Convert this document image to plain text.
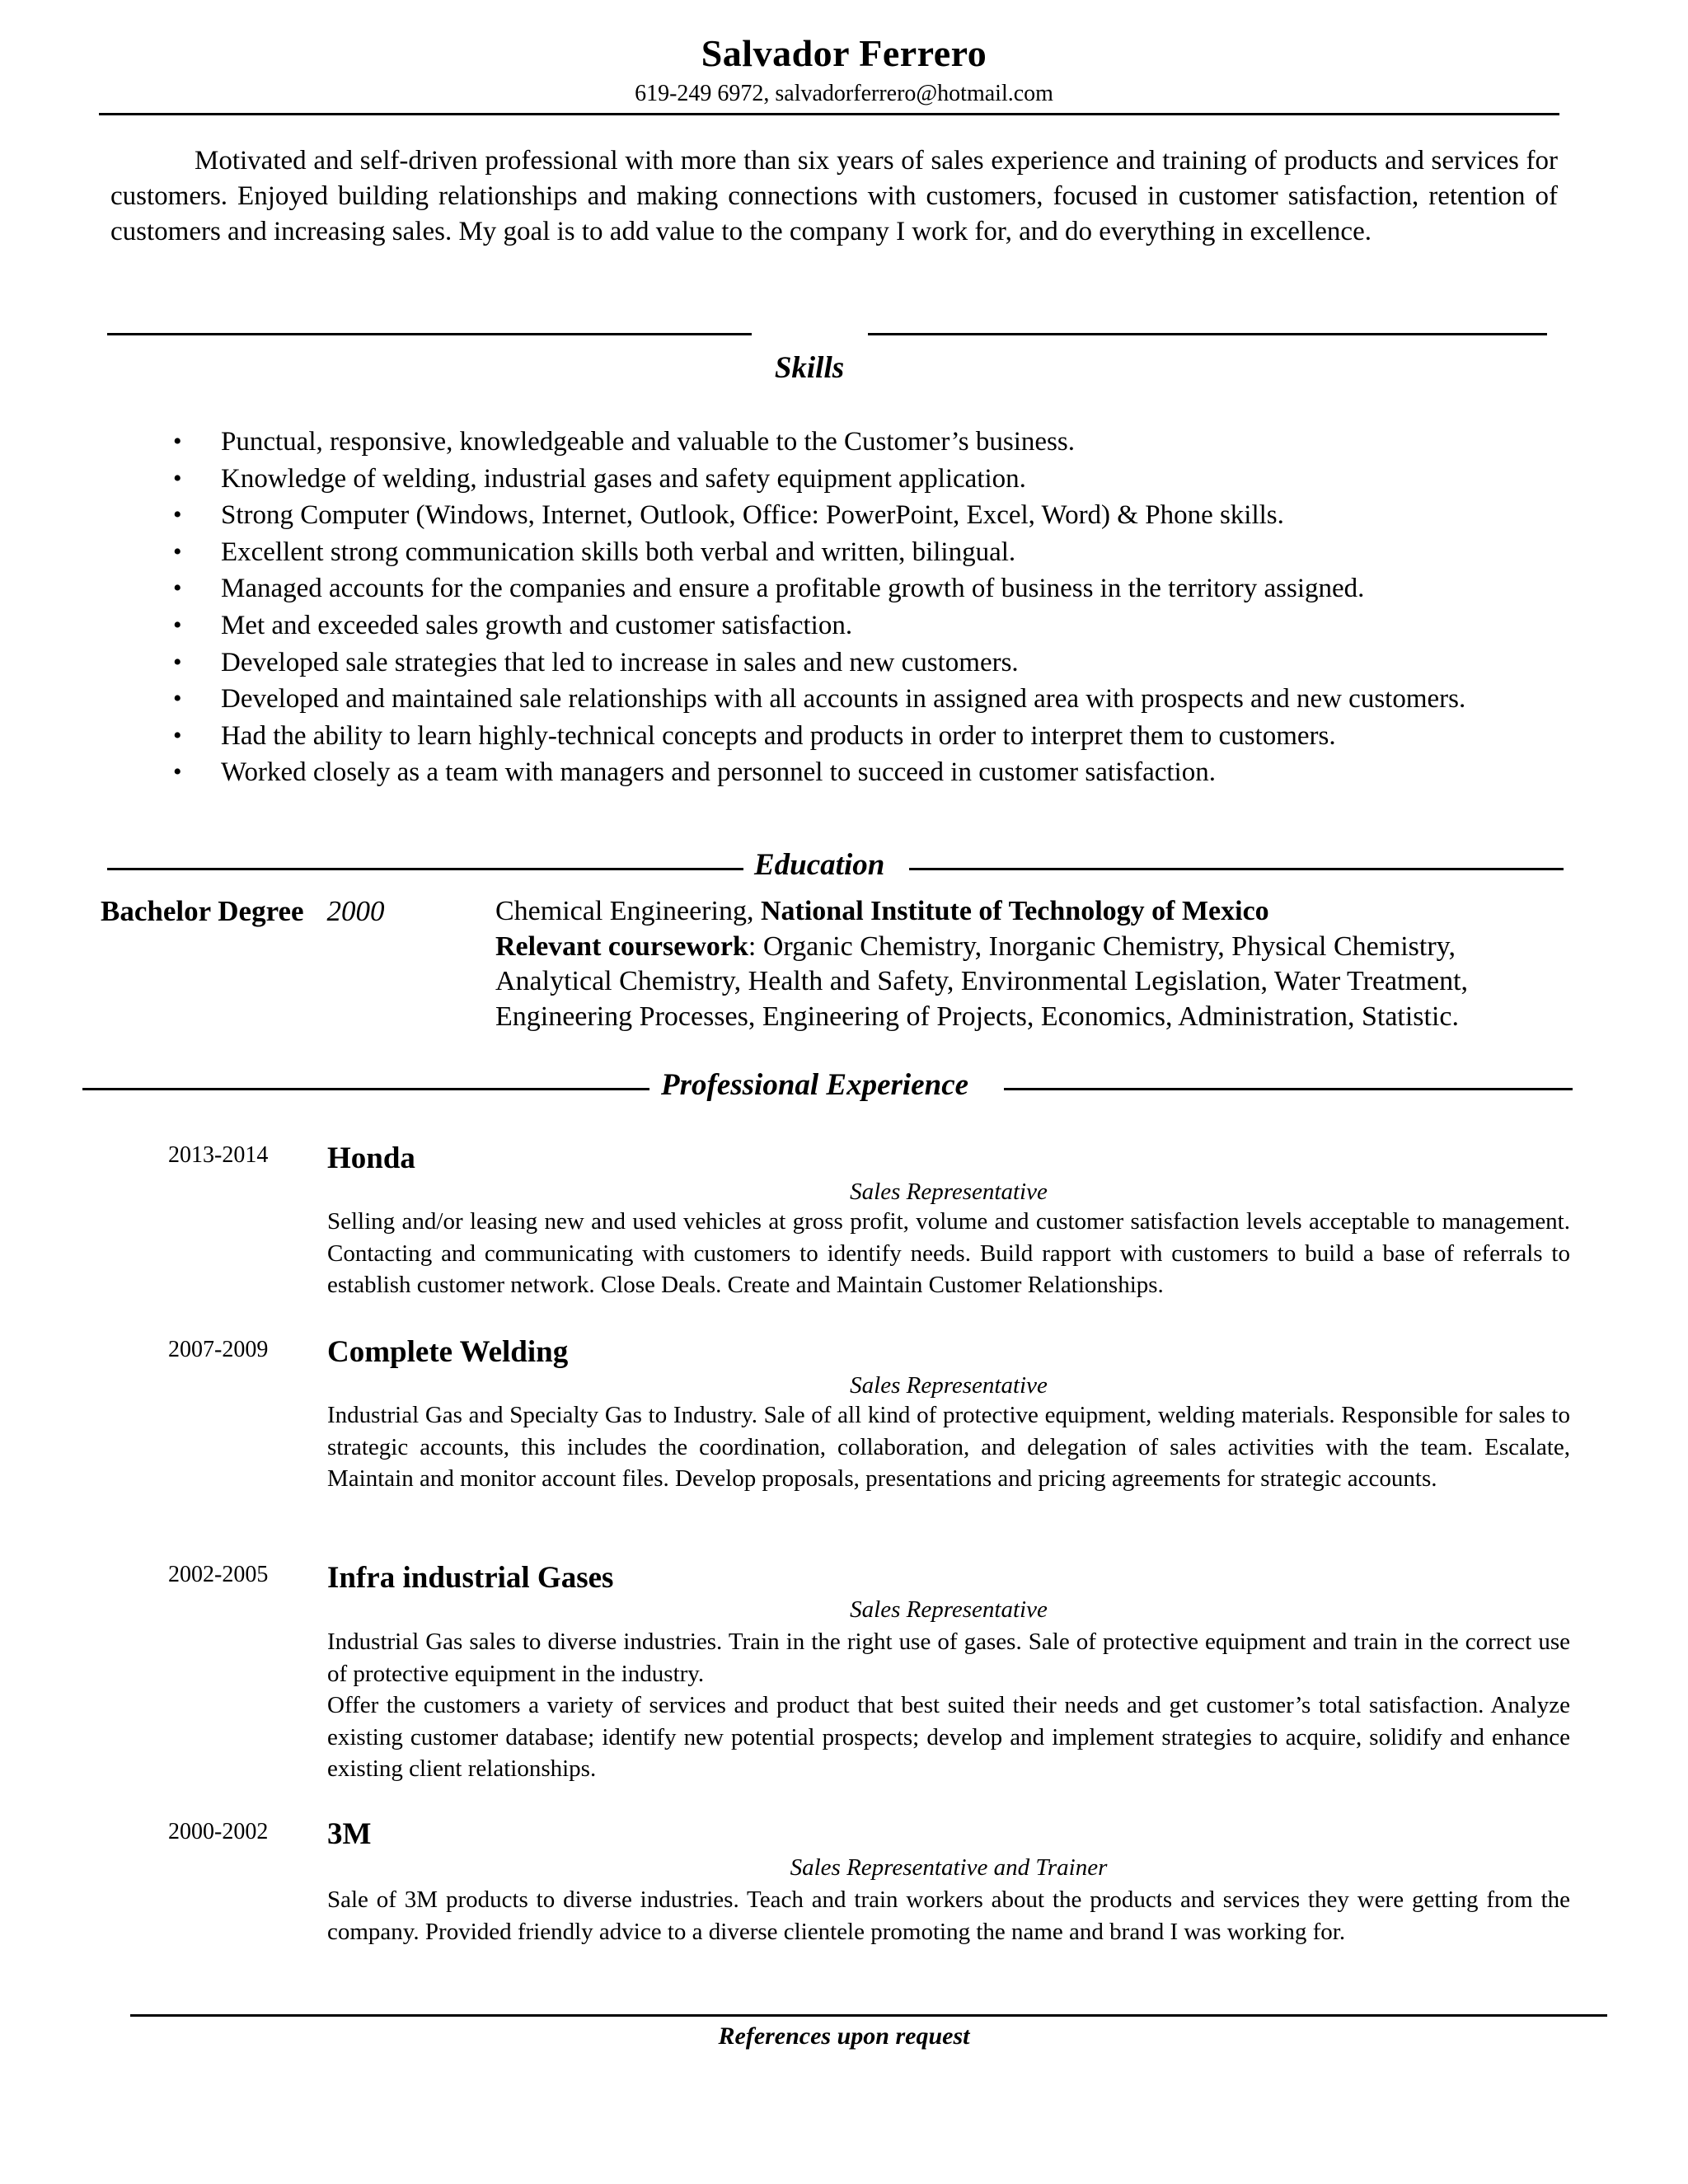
Salvador Ferrero
619-249 6972, salvadorferrero@hotmail.com

Motivated and self-driven professional with more than six years of sales experience and training of products and services for customers. Enjoyed building relationships and making connections with customers, focused in customer satisfaction, retention of customers and increasing sales. My goal is to add value to the company I work for, and do everything in excellence.

Skills
• Punctual, responsive, knowledgeable and valuable to the Customer’s business.
• Knowledge of welding, industrial gases and safety equipment application.
• Strong Computer (Windows, Internet, Outlook, Office: PowerPoint, Excel, Word) & Phone skills.
• Excellent strong communication skills both verbal and written, bilingual.
• Managed accounts for the companies and ensure a profitable growth of business in the territory assigned.
• Met and exceeded sales growth and customer satisfaction.
• Developed sale strategies that led to increase in sales and new customers.
• Developed and maintained sale relationships with all accounts in assigned area with prospects and new customers.
• Had the ability to learn highly-technical concepts and products in order to interpret them to customers.
• Worked closely as a team with managers and personnel to succeed in customer satisfaction.
Education
Bachelor Degree 2000	Chemical Engineering, National Institute of Technology of Mexico
Relevant coursework: Organic Chemistry, Inorganic Chemistry, Physical Chemistry, Analytical Chemistry, Health and Safety, Environmental Legislation, Water Treatment, Engineering Processes, Engineering of Projects, Economics, Administration, Statistic.

Professional Experience
2013-2014 Honda
Sales Representative

Selling and/or leasing new and used vehicles at gross profit, volume and customer satisfaction levels acceptable to management. Contacting and communicating with customers to identify needs. Build rapport with customers to build a base of referrals to establish customer network. Close Deals. Create and Maintain Customer Relationships.

2007-2009 Complete Welding
Sales Representative

Industrial Gas and Specialty Gas to Industry. Sale of all kind of protective equipment, welding materials. Responsible for sales to strategic accounts, this includes the coordination, collaboration, and delegation of sales activities with the team. Escalate, Maintain and monitor account files. Develop proposals, presentations and pricing agreements for strategic accounts.

2002-2005 Infra industrial Gases
Sales Representative

Industrial Gas sales to diverse industries. Train in the right use of gases. Sale of protective equipment and train in the correct use of protective equipment in the industry.

Offer the customers a variety of services and product that best suited their needs and get customer’s total satisfaction. Analyze existing customer database; identify new potential prospects; develop and implement strategies to acquire, solidify and enhance existing client relationships.

2000-2002 3M
Sales Representative and Trainer

Sale of 3M products to diverse industries. Teach and train workers about the products and services they were getting from the company. Provided friendly advice to a diverse clientele promoting the name and brand I was working for.

References upon request
